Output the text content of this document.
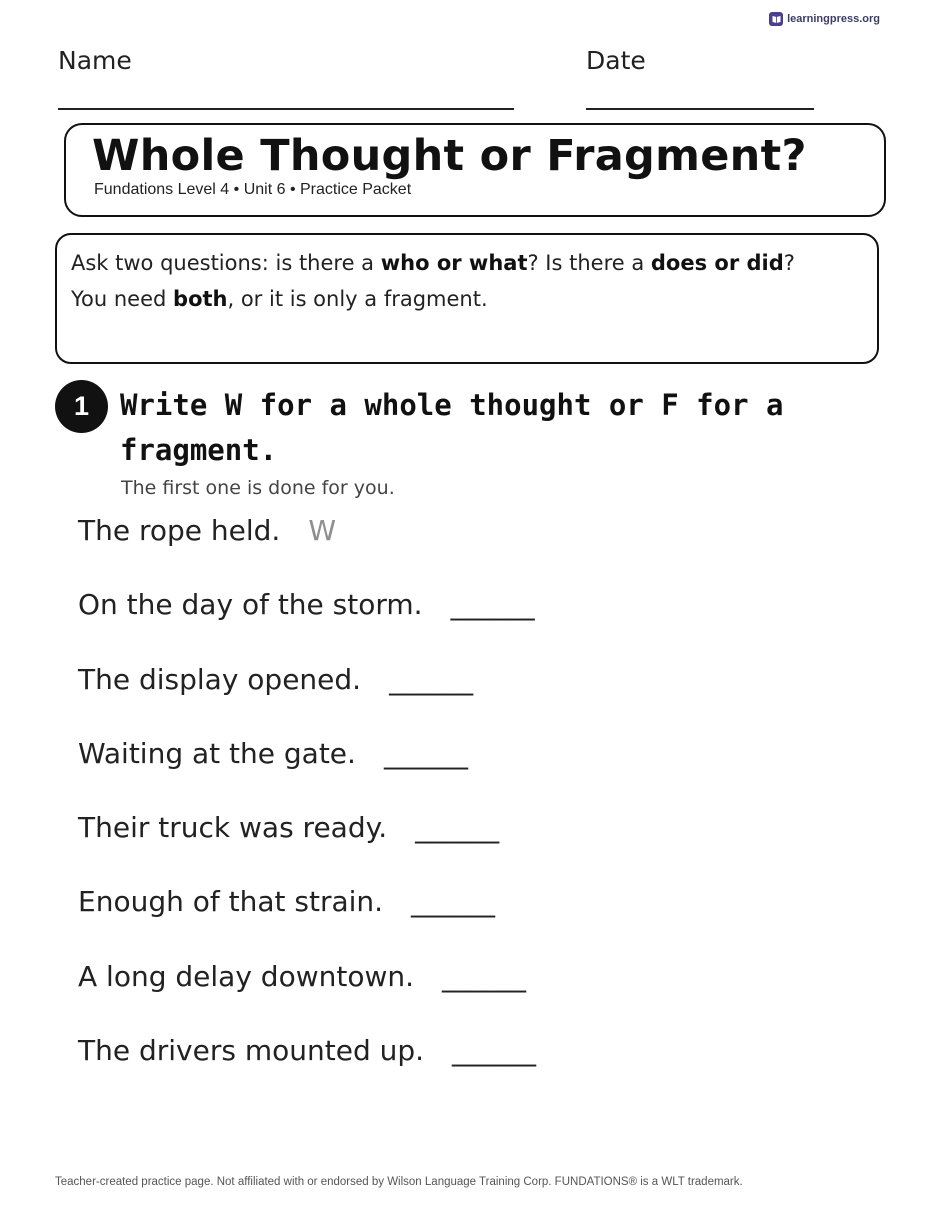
learningpress.org
Name	Date
Whole Thought or Fragment?
Fundations Level 4 • Unit 6 • Practice Packet
Ask two questions: is there a who or what? Is there a does or did?
You need both, or it is only a fragment.
1	Write W for a whole thought or F for a fragment.
The first one is done for you.
The rope held. W
On the day of the storm. ______
The display opened. ______
Waiting at the gate. ______
Their truck was ready. ______
Enough of that strain. ______
A long delay downtown. ______
The drivers mounted up. ______
Teacher-created practice page. Not affiliated with or endorsed by Wilson Language Training Corp. FUNDATIONS® is a WLT trademark.
